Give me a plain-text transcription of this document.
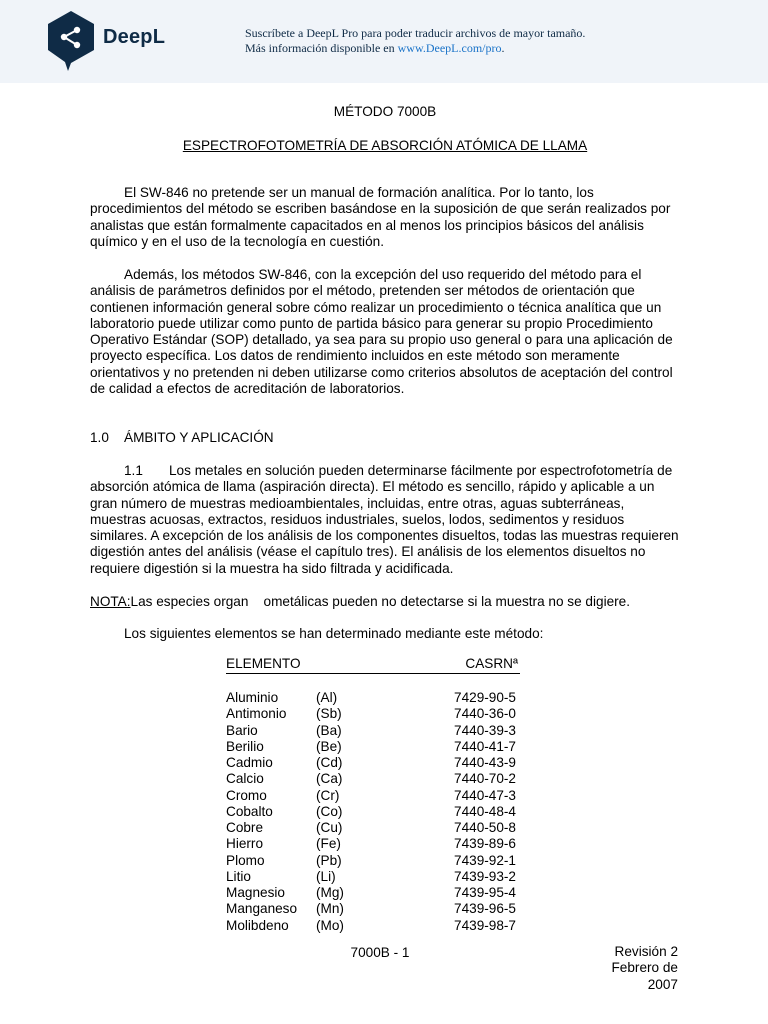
DeepL	Suscríbete a DeepL Pro para poder traducir archivos de mayor tamaño.
Más información disponible en www.DeepL.com/pro.
MÉTODO 7000B
ESPECTROFOTOMETRÍA DE ABSORCIÓN ATÓMICA DE LLAMA
El SW-846 no pretende ser un manual de formación analítica. Por lo tanto, los procedimientos del método se escriben basándose en la suposición de que serán realizados por analistas que están formalmente capacitados en al menos los principios básicos del análisis químico y en el uso de la tecnología en cuestión.
Además, los métodos SW-846, con la excepción del uso requerido del método para el análisis de parámetros definidos por el método, pretenden ser métodos de orientación que contienen información general sobre cómo realizar un procedimiento o técnica analítica que un laboratorio puede utilizar como punto de partida básico para generar su propio Procedimiento Operativo Estándar (SOP) detallado, ya sea para su propio uso general o para una aplicación de proyecto específica. Los datos de rendimiento incluidos en este método son meramente orientativos y no pretenden ni deben utilizarse como criterios absolutos de aceptación del control de calidad a efectos de acreditación de laboratorios.
1.0 ÁMBITO Y APLICACIÓN
1.1 Los metales en solución pueden determinarse fácilmente por espectrofotometría de absorción atómica de llama (aspiración directa). El método es sencillo, rápido y aplicable a un gran número de muestras medioambientales, incluidas, entre otras, aguas subterráneas, muestras acuosas, extractos, residuos industriales, suelos, lodos, sedimentos y residuos similares. A excepción de los análisis de los componentes disueltos, todas las muestras requieren digestión antes del análisis (véase el capítulo tres). El análisis de los elementos disueltos no requiere digestión si la muestra ha sido filtrada y acidificada.
NOTA:Las especies organ    ometálicas pueden no detectarse si la muestra no se digiere.
Los siguientes elementos se han determinado mediante este método:
ELEMENTO	CASRNª
Aluminio	(Al)	7429-90-5
Antimonio (Sb)	7440-36-0
Bario	(Ba)	7440-39-3
Berilio	(Be)	7440-41-7
Cadmio	(Cd)	7440-43-9
Calcio	(Ca)	7440-70-2
Cromo	(Cr)	7440-47-3
Cobalto	(Co)	7440-48-4
Cobre	(Cu)	7440-50-8
Hierro	(Fe)	7439-89-6
Plomo	(Pb)	7439-92-1
Litio	(Li)	7439-93-2
Magnesio (Mg)	7439-95-4
Manganeso (Mn)	7439-96-5
Molibdeno (Mo)	7439-98-7
7000B - 1	Revisión 2
Febrero de
2007
